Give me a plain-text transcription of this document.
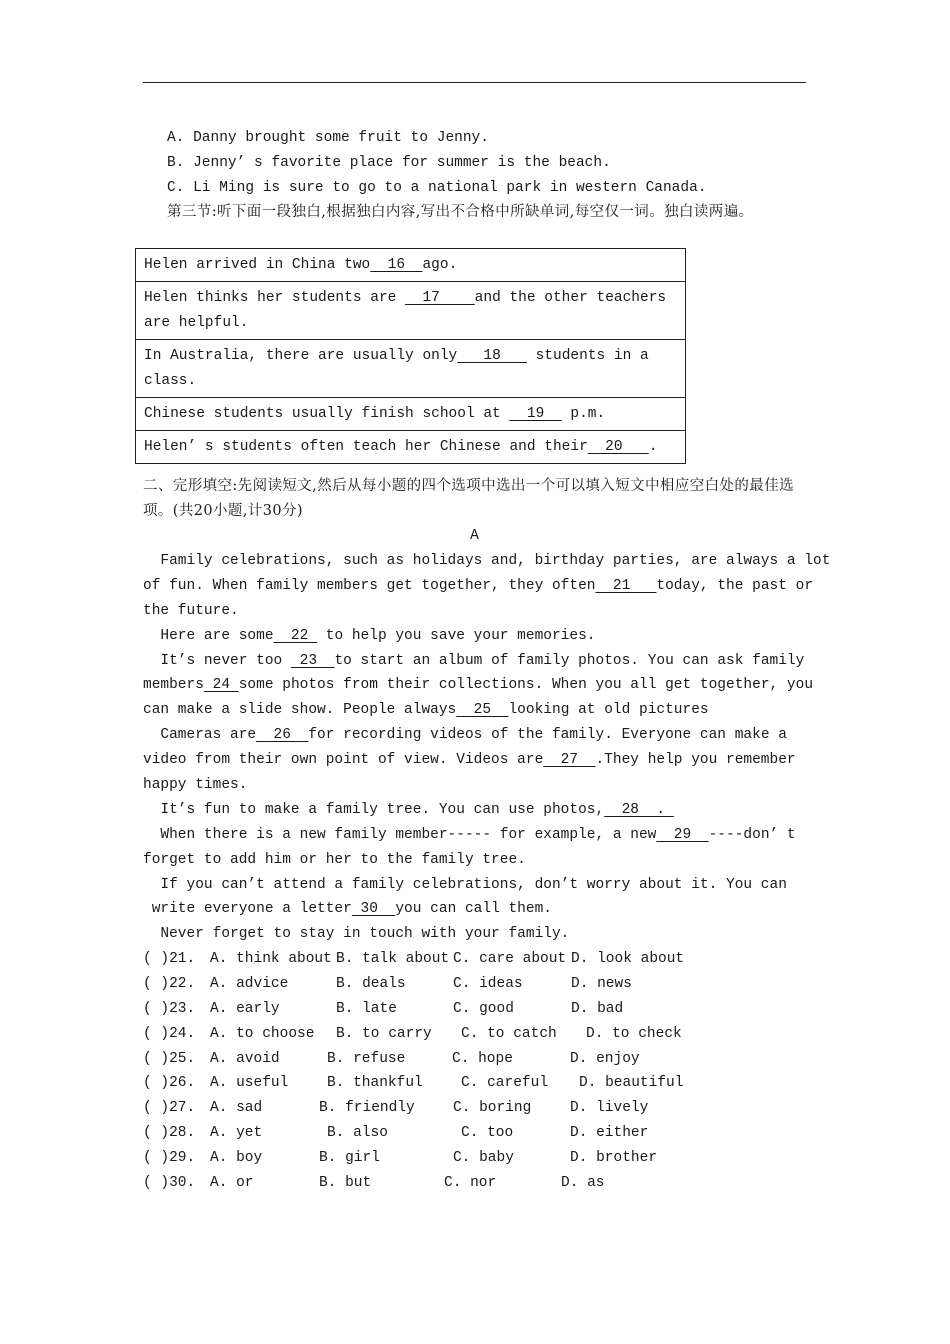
A. Danny brought some fruit to Jenny.
B. Jenny’ s favorite place for summer is the beach.
C. Li Ming is sure to go to a national park in western Canada.
第三节:听下面一段独白,根据独白内容,写出不合格中所缺单词,每空仅一词。独白读两遍。
Helen arrived in China two  16  ago.
Helen thinks her students are   17    and the other teachers are helpful.
In Australia, there are usually only   18    students in a class.
Chinese students usually finish school at   19   p.m.
Helen’ s students often teach her Chinese and their  20   .
二、完形填空:先阅读短文,然后从每小题的四个选项中选出一个可以填入短文中相应空白处的最佳选项。(共20小题,计30分)
A
Family celebrations, such as holidays and, birthday parties, are always a lot
of fun. When family members get together, they often  21   today, the past or
the future.
Here are some  22  to help you save your memories.
It’s never too  23  to start an album of family photos. You can ask family
members 24 some photos from their collections. When you all get together, you
can make a slide show. People always  25  looking at old pictures
Cameras are  26  for recording videos of the family. Everyone can make a
video from their own point of view. Videos are  27  .They help you remember
happy times.
It’s fun to make a family tree. You can use photos,  28  .
When there is a new family member----- for example, a new  29  ----don’ t
forget to add him or her to the family tree.
If you can’t attend a family celebrations, don’t worry about it. You can
write everyone a letter 30  you can call them.
Never forget to stay in touch with your family.
( )21.	A. think about B. talk about C. care about D. look about
( )22.	A. advice	B. deals	C. ideas	D. news
( )23.	A. early	B. late	C. good	D. bad
( )24.	A. to choose	B. to carry	C. to catch	D. to check
( )25.	A. avoid	B. refuse	C. hope	D. enjoy
( )26.	A. useful	B. thankful	C. careful	D. beautiful
( )27.	A. sad	B. friendly	C. boring	D. lively
( )28.	A. yet	B. also	C. too	D. either
( )29.	A. boy	B. girl	C. baby	D. brother
( )30.	A. or	B. but	C. nor	D. as
